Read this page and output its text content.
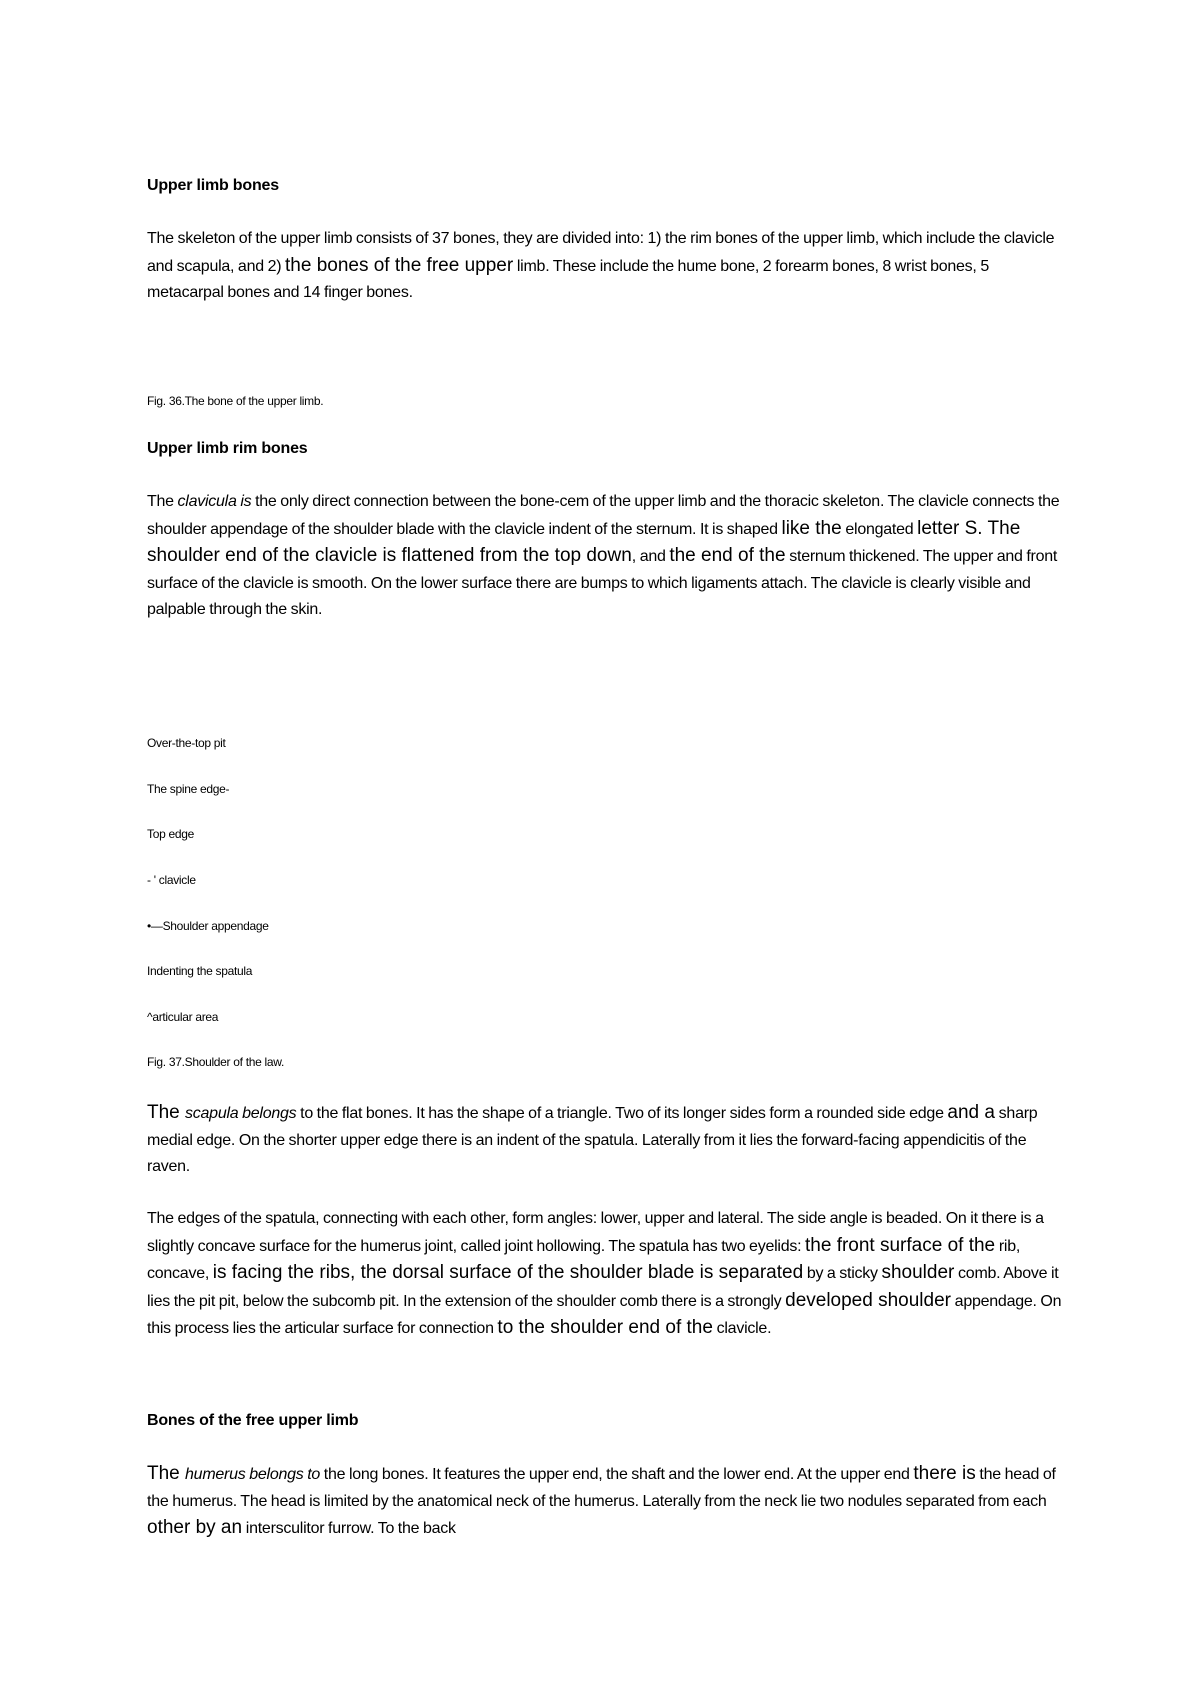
Upper limb bones
The skeleton of the upper limb consists of 37 bones, they are divided into: 1) the rim bones of the upper limb, which include the clavicle and scapula, and 2) the bones of the free upper limb. These include the hume bone, 2 forearm bones, 8 wrist bones, 5 metacarpal bones and 14 finger bones.
Fig. 36.The bone of the upper limb.
Upper limb rim bones
The clavicula is the only direct connection between the bone-cem of the upper limb and the thoracic skeleton. The clavicle connects the shoulder appendage of the shoulder blade with the clavicle indent of the sternum. It is shaped like the elongated letter S. The shoulder end of the clavicle is flattened from the top down, and the end of the sternum thickened. The upper and front surface of the clavicle is smooth. On the lower surface there are bumps to which ligaments attach. The clavicle is clearly visible and palpable through the skin.
Over-the-top pit
The spine edge-
Top edge
- ' clavicle
•—Shoulder appendage
Indenting the spatula
^articular area
Fig. 37.Shoulder of the law.
The scapula belongs to the flat bones. It has the shape of a triangle. Two of its longer sides form a rounded side edge and a sharp medial edge. On the shorter upper edge there is an indent of the spatula. Laterally from it lies the forward-facing appendicitis of the raven.
The edges of the spatula, connecting with each other, form angles: lower, upper and lateral. The side angle is beaded. On it there is a slightly concave surface for the humerus joint, called joint hollowing. The spatula has two eyelids: the front surface of the rib, concave, is facing the ribs, the dorsal surface of the shoulder blade is separated by a sticky shoulder comb. Above it lies the pit pit, below the subcomb pit. In the extension of the shoulder comb there is a strongly developed shoulder appendage. On this process lies the articular surface for connection to the shoulder end of the clavicle.
Bones of the free upper limb
The humerus belongs to the long bones. It features the upper end, the shaft and the lower end. At the upper end there is the head of the humerus. The head is limited by the anatomical neck of the humerus. Laterally from the neck lie two nodules separated from each other by an intersculitor furrow. To the back
